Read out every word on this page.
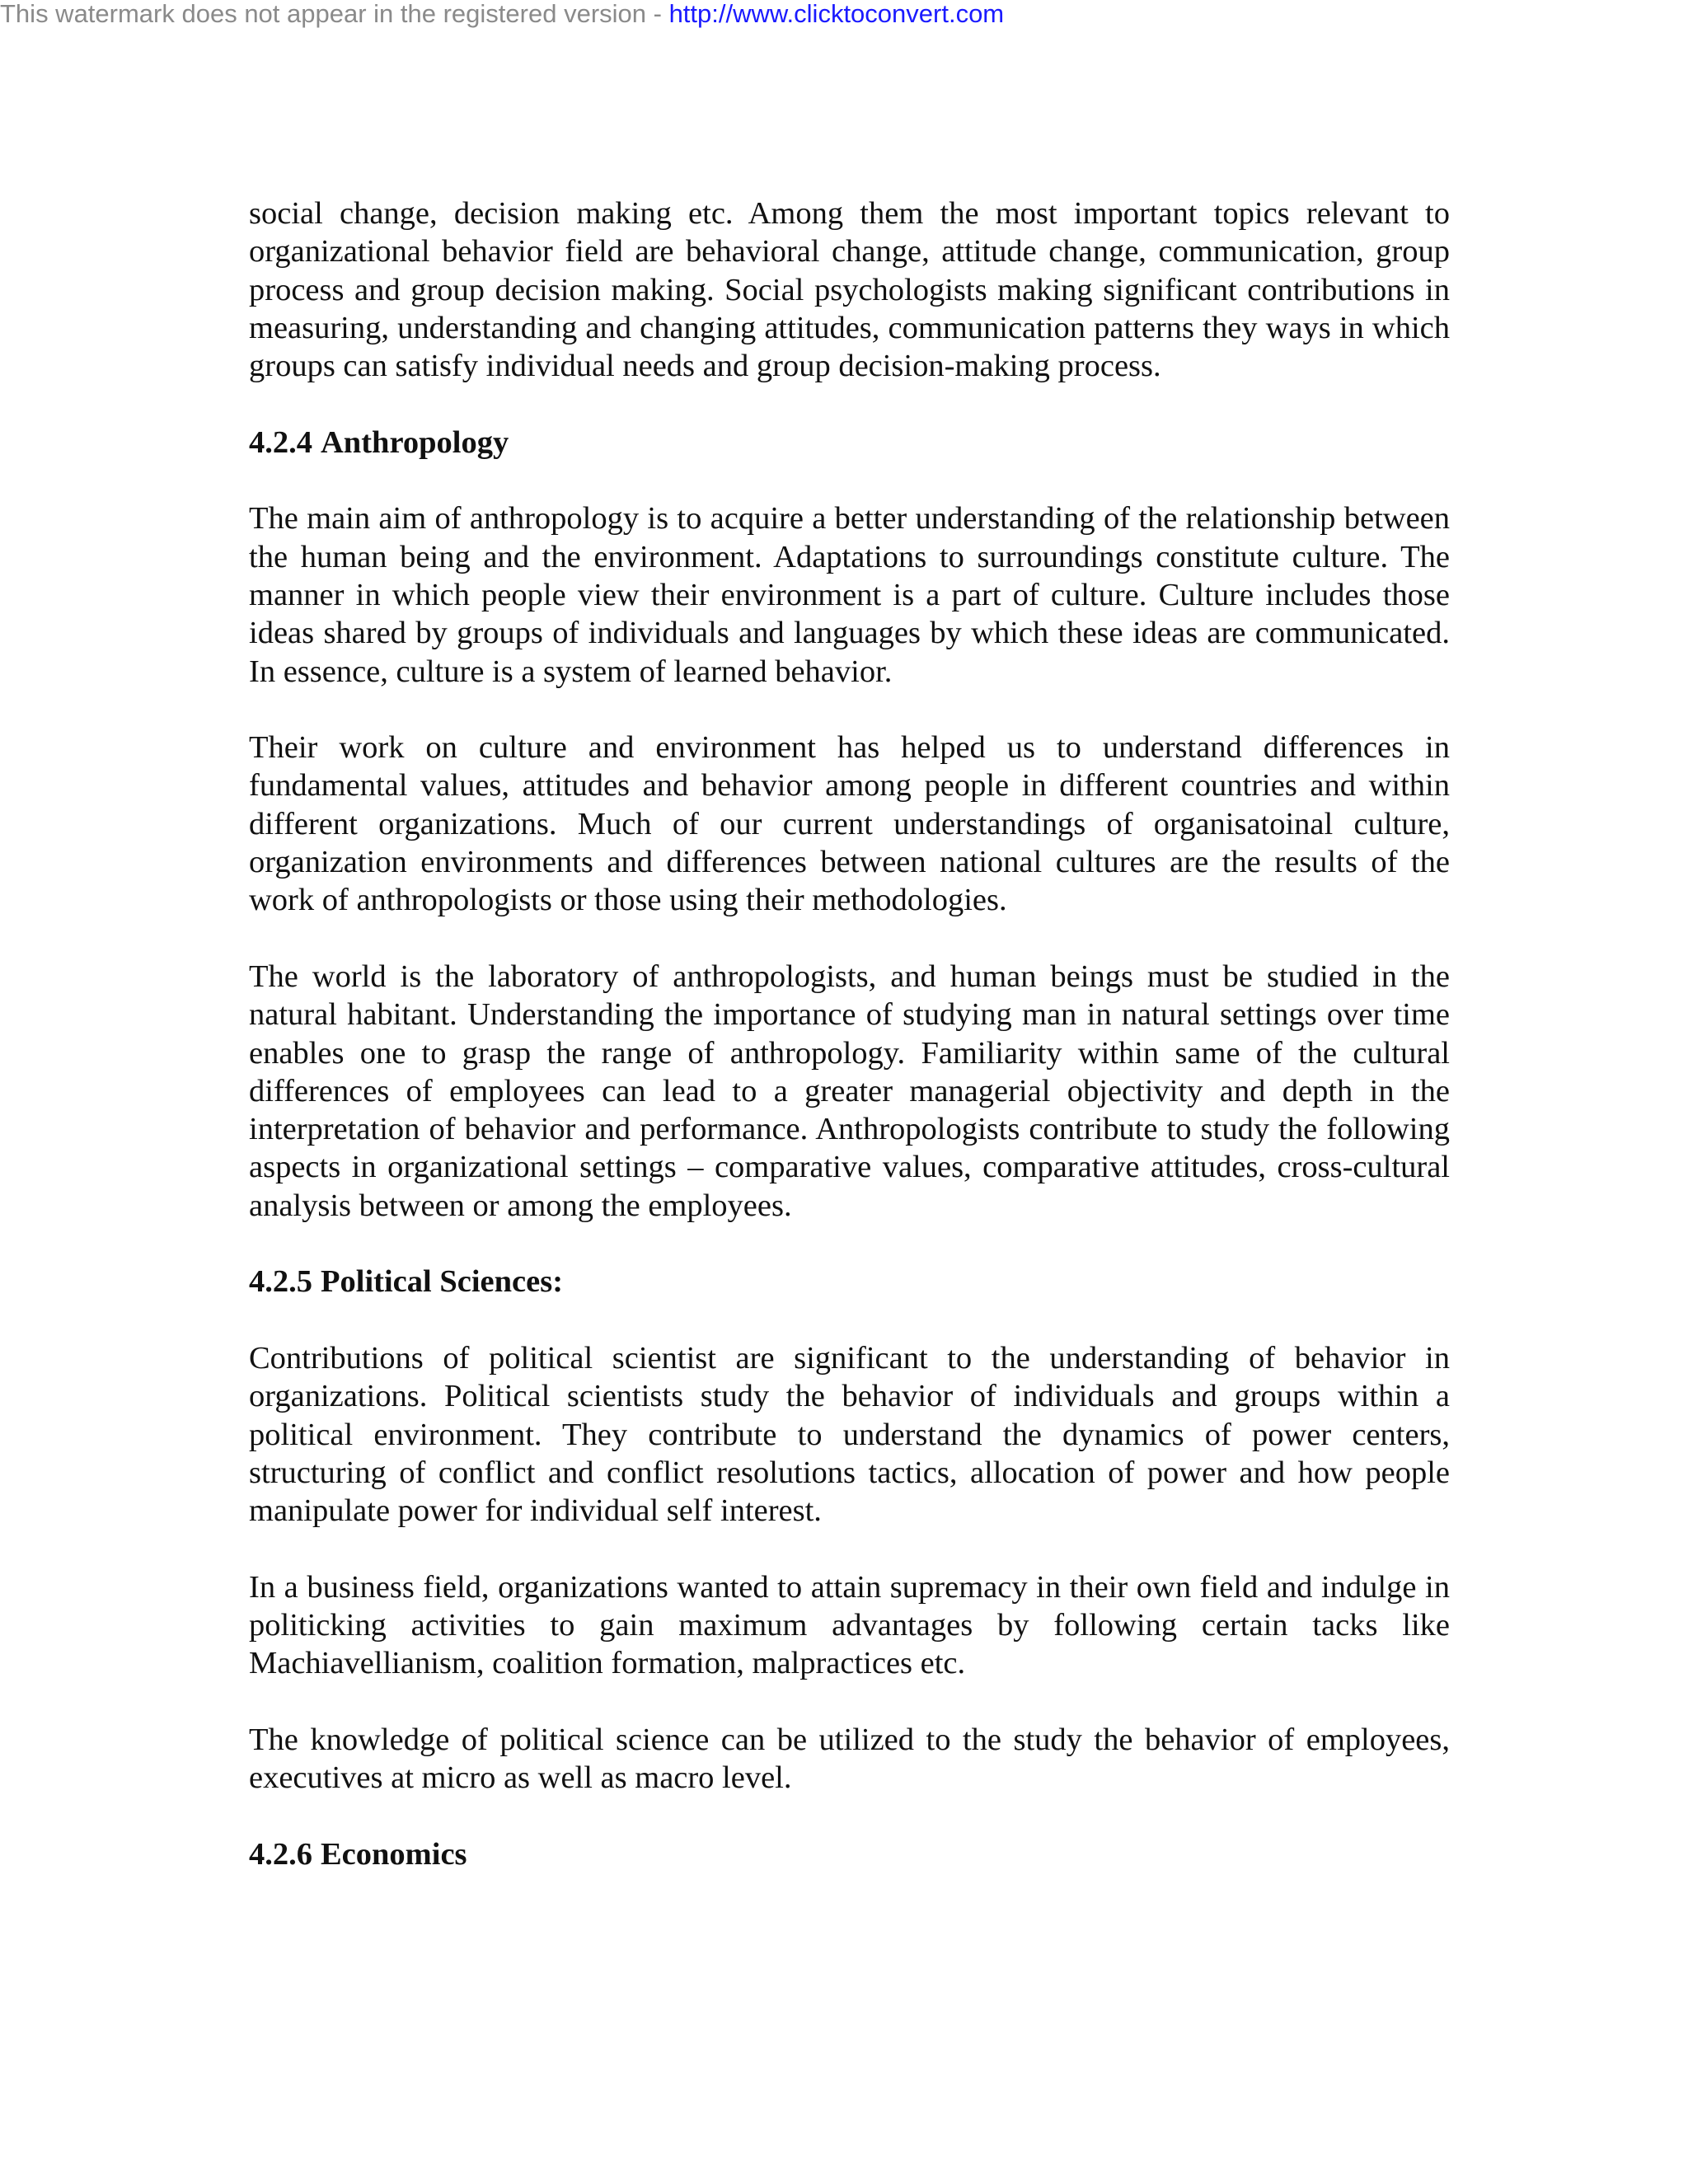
This watermark does not appear in the registered version - http://www.clicktoconvert.com

social change, decision making etc. Among them the most important topics relevant to organizational behavior field are behavioral change, attitude change, communication, group process and group decision making. Social psychologists making significant contributions in measuring, understanding and changing attitudes, communication patterns they ways in which groups can satisfy individual needs and group decision-making process.

4.2.4 Anthropology

The main aim of anthropology is to acquire a better understanding of the relationship between the human being and the environment. Adaptations to surroundings constitute culture. The manner in which people view their environment is a part of culture. Culture includes those ideas shared by groups of individuals and languages by which these ideas are communicated. In essence, culture is a system of learned behavior.

Their work on culture and environment has helped us to understand differences in fundamental values, attitudes and behavior among people in different countries and within different organizations. Much of our current understandings of organisatoinal culture, organization environments and differences between national cultures are the results of the work of anthropologists or those using their methodologies.

The world is the laboratory of anthropologists, and human beings must be studied in the natural habitant. Understanding the importance of studying man in natural settings over time enables one to grasp the range of anthropology. Familiarity within same of the cultural differences of employees can lead to a greater managerial objectivity and depth in the interpretation of behavior and performance. Anthropologists contribute to study the following aspects in organizational settings – comparative values, comparative attitudes, cross-cultural analysis between or among the employees.

4.2.5 Political Sciences:

Contributions of political scientist are significant to the understanding of behavior in organizations. Political scientists study the behavior of individuals and groups within a political environment. They contribute to understand the dynamics of power centers, structuring of conflict and conflict resolutions tactics, allocation of power and how people manipulate power for individual self interest.

In a business field, organizations wanted to attain supremacy in their own field and indulge in politicking activities to gain maximum advantages by following certain tacks like Machiavellianism, coalition formation, malpractices etc.

The knowledge of political science can be utilized to the study the behavior of employees, executives at micro as well as macro level.

4.2.6 Economics
